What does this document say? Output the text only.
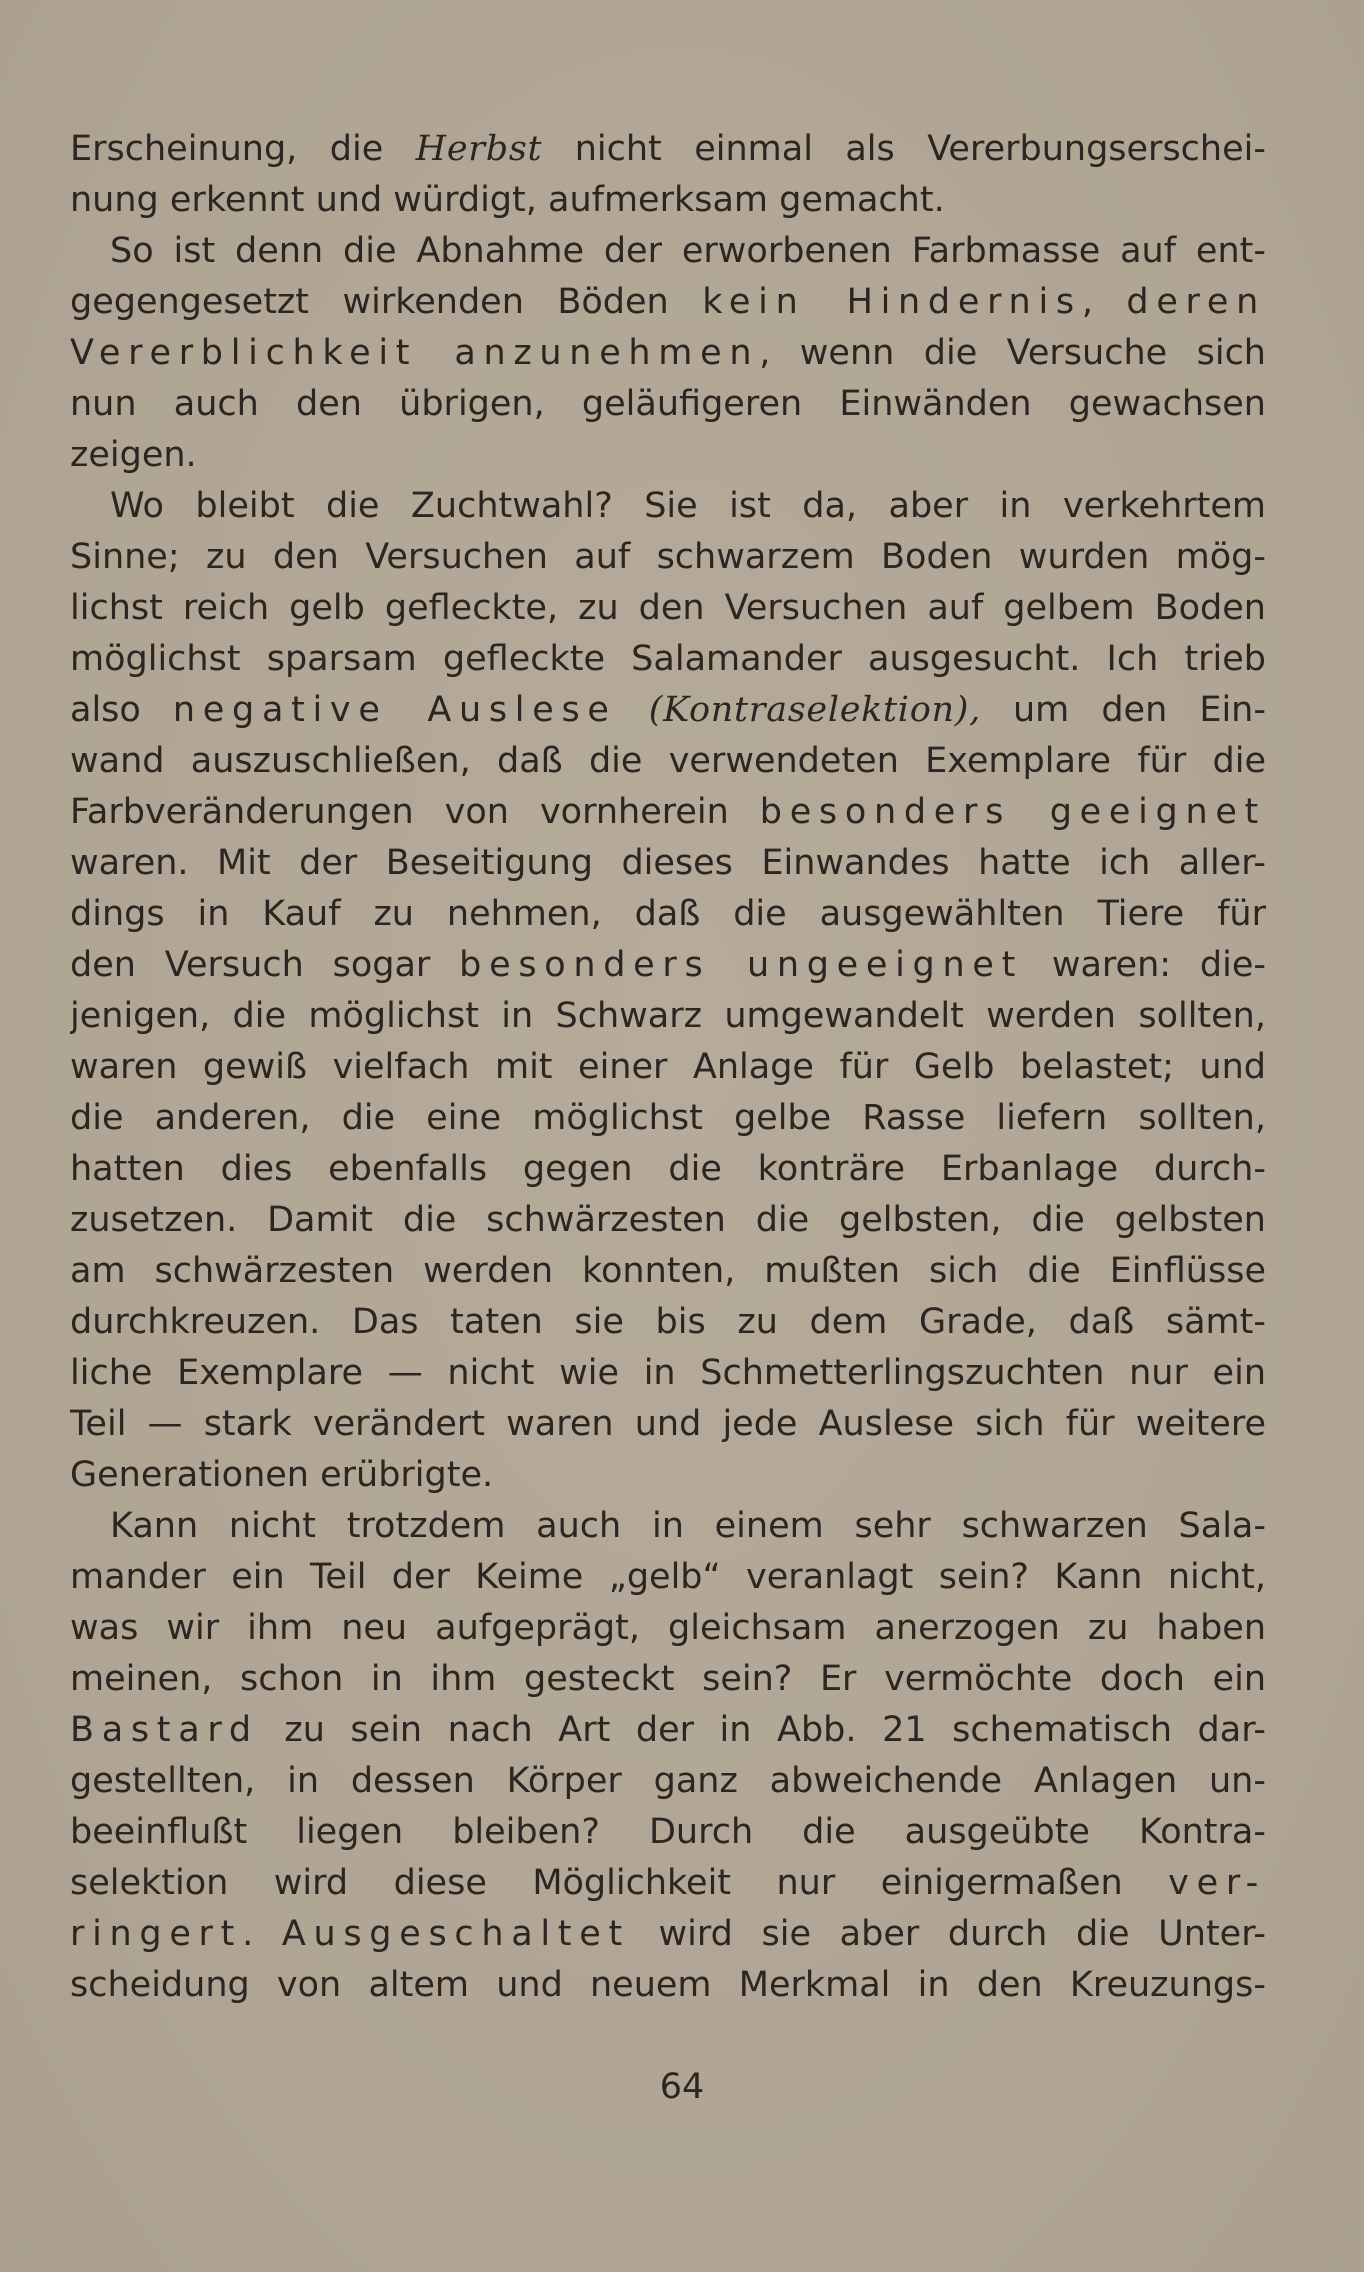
Erscheinung, die Herbst nicht einmal als Vererbungserschei-
nung erkennt und würdigt, aufmerksam gemacht.
So ist denn die Abnahme der erworbenen Farbmasse auf ent-
gegengesetzt wirkenden Böden kein Hindernis, deren
Vererblichkeit anzunehmen, wenn die Versuche sich
nun auch den übrigen, geläufigeren Einwänden gewachsen
zeigen.
Wo bleibt die Zuchtwahl? Sie ist da, aber in verkehrtem
Sinne; zu den Versuchen auf schwarzem Boden wurden mög-
lichst reich gelb gefleckte, zu den Versuchen auf gelbem Boden
möglichst sparsam gefleckte Salamander ausgesucht. Ich trieb
also negative Auslese (Kontraselektion), um den Ein-
wand auszuschließen, daß die verwendeten Exemplare für die
Farbveränderungen von vornherein besonders geeignet
waren. Mit der Beseitigung dieses Einwandes hatte ich aller-
dings in Kauf zu nehmen, daß die ausgewählten Tiere für
den Versuch sogar besonders ungeeignet waren: die-
jenigen, die möglichst in Schwarz umgewandelt werden sollten,
waren gewiß vielfach mit einer Anlage für Gelb belastet; und
die anderen, die eine möglichst gelbe Rasse liefern sollten,
hatten dies ebenfalls gegen die konträre Erbanlage durch-
zusetzen. Damit die schwärzesten die gelbsten, die gelbsten
am schwärzesten werden konnten, mußten sich die Einflüsse
durchkreuzen. Das taten sie bis zu dem Grade, daß sämt-
liche Exemplare — nicht wie in Schmetterlingszuchten nur ein
Teil — stark verändert waren und jede Auslese sich für weitere
Generationen erübrigte.
Kann nicht trotzdem auch in einem sehr schwarzen Sala-
mander ein Teil der Keime „gelb“ veranlagt sein? Kann nicht,
was wir ihm neu aufgeprägt, gleichsam anerzogen zu haben
meinen, schon in ihm gesteckt sein? Er vermöchte doch ein
Bastard zu sein nach Art der in Abb. 21 schematisch dar-
gestellten, in dessen Körper ganz abweichende Anlagen un-
beeinflußt liegen bleiben? Durch die ausgeübte Kontra-
selektion wird diese Möglichkeit nur einigermaßen ver-
ringert. Ausgeschaltet wird sie aber durch die Unter-
scheidung von altem und neuem Merkmal in den Kreuzungs-
64
